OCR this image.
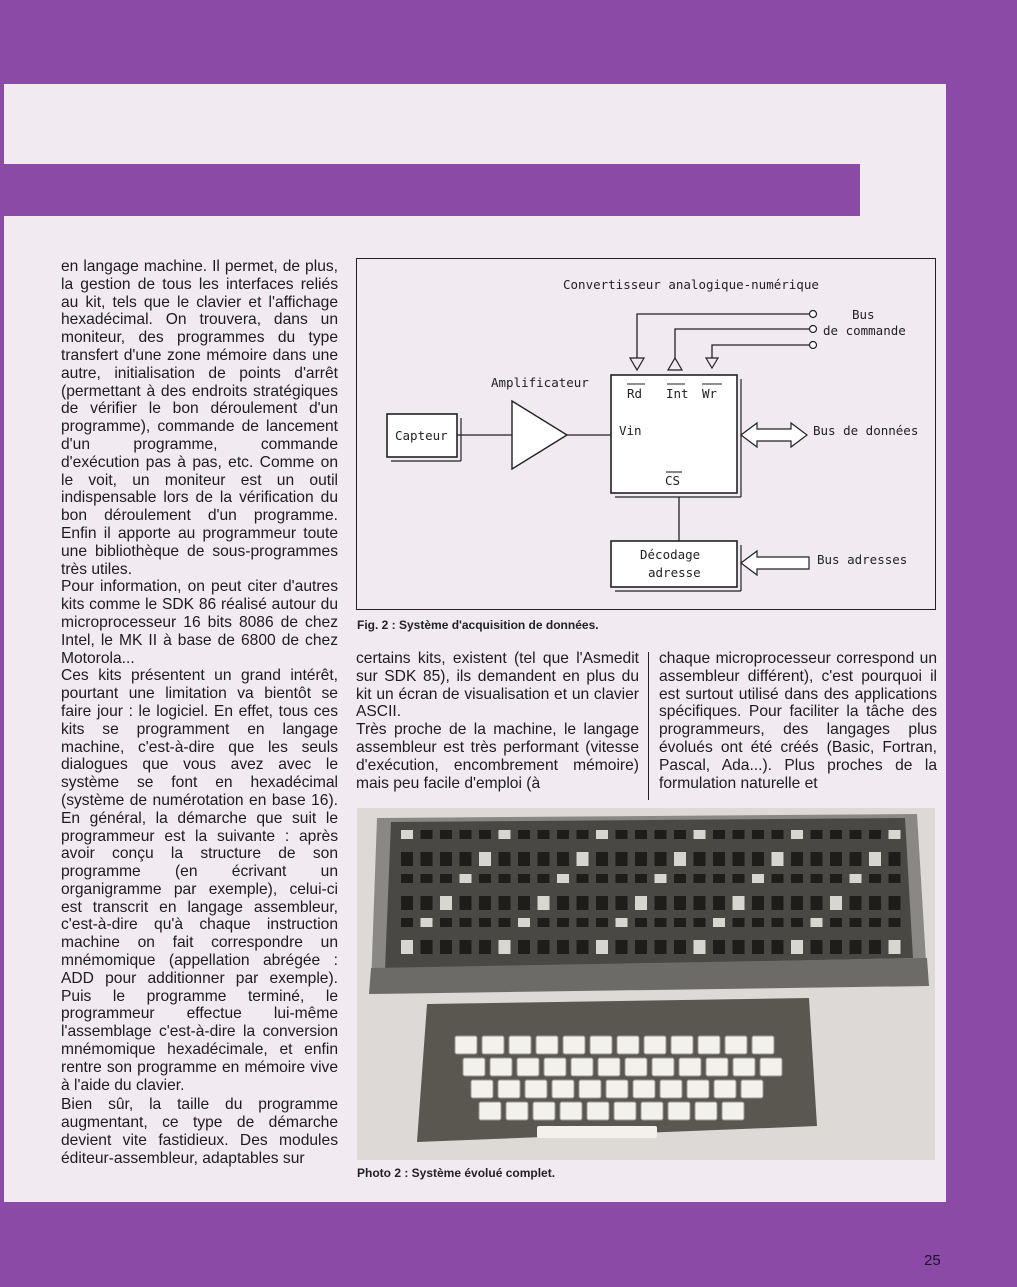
en langage machine. Il permet, de plus, la gestion de tous les interfaces reliés au kit, tels que le clavier et l'affichage hexadécimal. On trouvera, dans un moniteur, des programmes du type transfert d'une zone mémoire dans une autre, initialisation de points d'arrêt (permettant à des endroits stratégiques de vérifier le bon déroulement d'un programme), commande de lancement d'un programme, commande d'exécution pas à pas, etc. Comme on le voit, un moniteur est un outil indispensable lors de la vérification du bon déroulement d'un programme. Enfin il apporte au programmeur toute une bibliothèque de sous-programmes très utiles.

Pour information, on peut citer d'autres kits comme le SDK 86 réalisé autour du microprocesseur 16 bits 8086 de chez Intel, le MK II à base de 6800 de chez Motorola...

Ces kits présentent un grand intérêt, pourtant une limitation va bientôt se faire jour : le logiciel. En effet, tous ces kits se programment en langage machine, c'est-à-dire que les seuls dialogues que vous avez avec le système se font en hexadécimal (système de numérotation en base 16). En général, la démarche que suit le programmeur est la suivante : après avoir conçu la structure de son programme (en écrivant un organigramme par exemple), celui-ci est transcrit en langage assembleur, c'est-à-dire qu'à chaque instruction machine on fait correspondre un mnémomique (appellation abrégée : ADD pour additionner par exemple). Puis le programme terminé, le programmeur effectue lui-même l'assemblage c'est-à-dire la conversion mnémomique hexadécimale, et enfin rentre son programme en mémoire vive à l'aide du clavier.

Bien sûr, la taille du programme augmentant, ce type de démarche devient vite fastidieux. Des modules éditeur-assembleur, adaptables sur

Convertisseur analogique-numérique
Bus
de commande
Rd Int Wr
Vin
CS
Amplificateur
Capteur	Bus de données
Décodage
adresse
Bus adresses
Fig. 2 : Système d'acquisition de données.

certains kits, existent (tel que l'Asmedit sur SDK 85), ils demandent en plus du kit un écran de visualisation et un clavier ASCII.

Très proche de la machine, le langage assembleur est très performant (vitesse d'exécution, encombrement mémoire) mais peu facile d'emploi (à

chaque microprocesseur correspond un assembleur différent), c'est pourquoi il est surtout utilisé dans des applications spécifiques. Pour faciliter la tâche des programmeurs, des langages plus évolués ont été créés (Basic, Fortran, Pascal, Ada...). Plus proches de la formulation naturelle et

Photo 2 : Système évolué complet.
25
